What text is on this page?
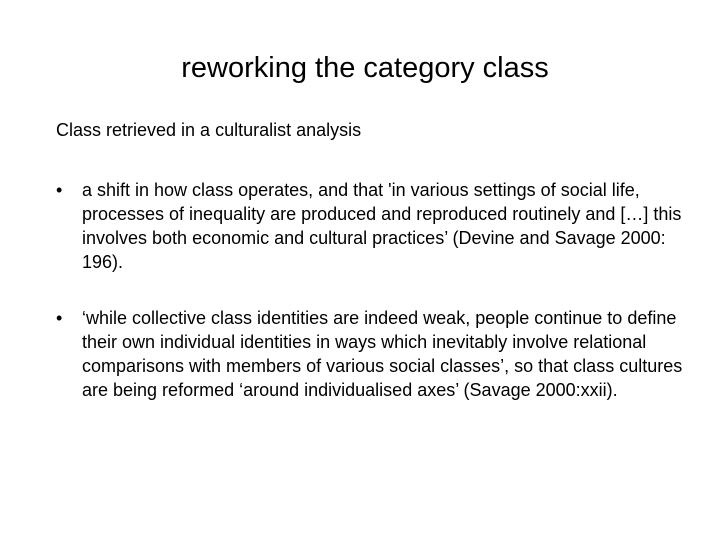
reworking the category class
Class retrieved in a culturalist analysis
•	a shift in how class operates, and that 'in various settings of social life, processes of inequality are produced and reproduced routinely and […] this involves both economic and cultural practices’ (Devine and Savage 2000: 196).
•	‘while collective class identities are indeed weak, people continue to define their own individual identities in ways which inevitably involve relational comparisons with members of various social classes’, so that class cultures are being reformed ‘around individualised axes’ (Savage 2000:xxii).
